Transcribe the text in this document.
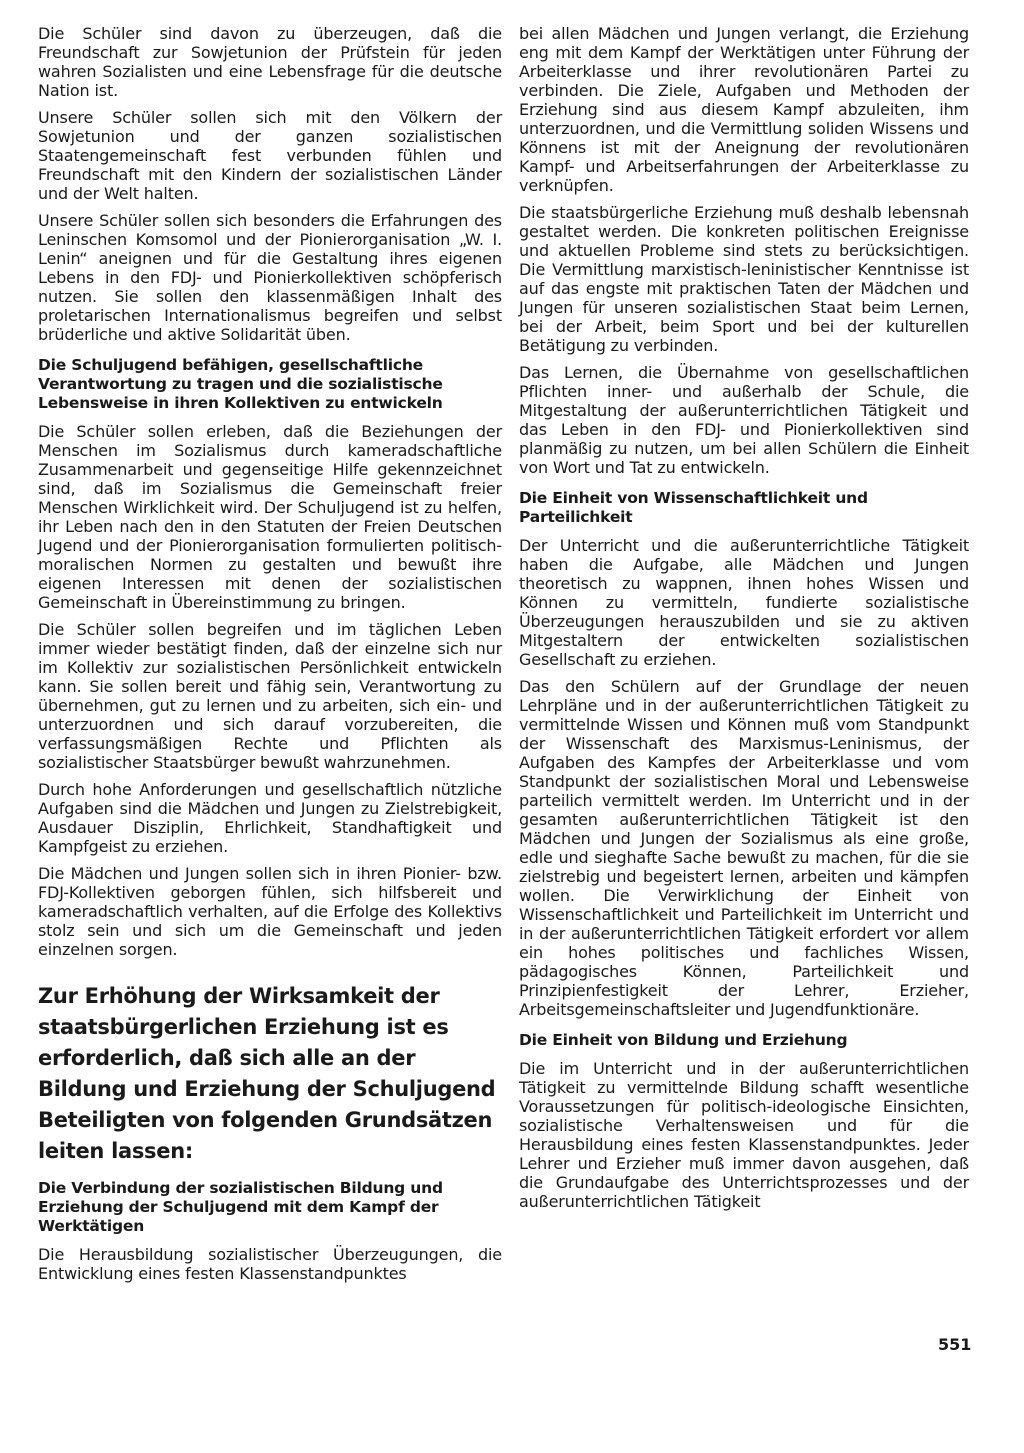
Die Schüler sind davon zu überzeugen, daß die Freundschaft zur Sowjetunion der Prüfstein für jeden wahren Sozialisten und eine Lebensfrage für die deutsche Nation ist.

Unsere Schüler sollen sich mit den Völkern der Sowjetunion und der ganzen sozialistischen Staatengemeinschaft fest verbunden fühlen und Freundschaft mit den Kindern der sozialistischen Länder und der Welt halten.

Unsere Schüler sollen sich besonders die Erfahrungen des Leninschen Komsomol und der Pionierorganisation „W. I. Lenin“ aneignen und für die Gestaltung ihres eigenen Lebens in den FDJ- und Pionierkollektiven schöpferisch nutzen. Sie sollen den klassenmäßigen Inhalt des proletarischen Internationalismus begreifen und selbst brüderliche und aktive Solidarität üben.

Die Schuljugend befähigen, gesellschaftliche Verantwortung zu tragen und die sozialistische Lebensweise in ihren Kollektiven zu entwickeln

Die Schüler sollen erleben, daß die Beziehungen der Menschen im Sozialismus durch kameradschaftliche Zusammenarbeit und gegenseitige Hilfe gekennzeichnet sind, daß im Sozialismus die Gemeinschaft freier Menschen Wirklichkeit wird. Der Schuljugend ist zu helfen, ihr Leben nach den in den Statuten der Freien Deutschen Jugend und der Pionierorganisation formulierten politisch-moralischen Normen zu gestalten und bewußt ihre eigenen Interessen mit denen der sozialistischen Gemeinschaft in Übereinstimmung zu bringen.

Die Schüler sollen begreifen und im täglichen Leben immer wieder bestätigt finden, daß der einzelne sich nur im Kollektiv zur sozialistischen Persönlichkeit entwickeln kann. Sie sollen bereit und fähig sein, Verantwortung zu übernehmen, gut zu lernen und zu arbeiten, sich ein- und unterzuordnen und sich darauf vorzubereiten, die verfassungsmäßigen Rechte und Pflichten als sozialistischer Staatsbürger bewußt wahrzunehmen.

Durch hohe Anforderungen und gesellschaftlich nützliche Aufgaben sind die Mädchen und Jungen zu Zielstrebigkeit, Ausdauer Disziplin, Ehrlichkeit, Standhaftigkeit und Kampfgeist zu erziehen.

Die Mädchen und Jungen sollen sich in ihren Pionier- bzw. FDJ-Kollektiven geborgen fühlen, sich hilfsbereit und kameradschaftlich verhalten, auf die Erfolge des Kollektivs stolz sein und sich um die Gemeinschaft und jeden einzelnen sorgen.

Zur Erhöhung der Wirksamkeit der staatsbürgerlichen Erziehung ist es erforderlich, daß sich alle an der Bildung und Erziehung der Schuljugend Beteiligten von folgenden Grundsätzen leiten lassen:
Die Verbindung der sozialistischen Bildung und Erziehung der Schuljugend mit dem Kampf der Werktätigen

Die Herausbildung sozialistischer Überzeugungen, die Entwicklung eines festen Klassenstandpunktes

bei allen Mädchen und Jungen verlangt, die Erziehung eng mit dem Kampf der Werktätigen unter Führung der Arbeiterklasse und ihrer revolutionären Partei zu verbinden. Die Ziele, Aufgaben und Methoden der Erziehung sind aus diesem Kampf abzuleiten, ihm unterzuordnen, und die Vermittlung soliden Wissens und Könnens ist mit der Aneignung der revolutionären Kampf- und Arbeitserfahrungen der Arbeiterklasse zu verknüpfen.

Die staatsbürgerliche Erziehung muß deshalb lebensnah gestaltet werden. Die konkreten politischen Ereignisse und aktuellen Probleme sind stets zu berücksichtigen. Die Vermittlung marxistisch-leninistischer Kenntnisse ist auf das engste mit praktischen Taten der Mädchen und Jungen für unseren sozialistischen Staat beim Lernen, bei der Arbeit, beim Sport und bei der kulturellen Betätigung zu verbinden.

Das Lernen, die Übernahme von gesellschaftlichen Pflichten inner- und außerhalb der Schule, die Mitgestaltung der außerunterrichtlichen Tätigkeit und das Leben in den FDJ- und Pionierkollektiven sind planmäßig zu nutzen, um bei allen Schülern die Einheit von Wort und Tat zu entwickeln.

Die Einheit von Wissenschaftlichkeit und Parteilichkeit

Der Unterricht und die außerunterrichtliche Tätigkeit haben die Aufgabe, alle Mädchen und Jungen theoretisch zu wappnen, ihnen hohes Wissen und Können zu vermitteln, fundierte sozialistische Überzeugungen herauszubilden und sie zu aktiven Mitgestaltern der entwickelten sozialistischen Gesellschaft zu erziehen.

Das den Schülern auf der Grundlage der neuen Lehrpläne und in der außerunterrichtlichen Tätigkeit zu vermittelnde Wissen und Können muß vom Standpunkt der Wissenschaft des Marxismus-Leninismus, der Aufgaben des Kampfes der Arbeiterklasse und vom Standpunkt der sozialistischen Moral und Lebensweise parteilich vermittelt werden. Im Unterricht und in der gesamten außerunterrichtlichen Tätigkeit ist den Mädchen und Jungen der Sozialismus als eine große, edle und sieghafte Sache bewußt zu machen, für die sie zielstrebig und begeistert lernen, arbeiten und kämpfen wollen. Die Verwirklichung der Einheit von Wissenschaftlichkeit und Parteilichkeit im Unterricht und in der außerunterrichtlichen Tätigkeit erfordert vor allem ein hohes politisches und fachliches Wissen, pädagogisches Können, Parteilichkeit und Prinzipienfestigkeit der Lehrer, Erzieher, Arbeitsgemeinschaftsleiter und Jugendfunktionäre.

Die Einheit von Bildung und Erziehung

Die im Unterricht und in der außerunterrichtlichen Tätigkeit zu vermittelnde Bildung schafft wesentliche Voraussetzungen für politisch-ideologische Einsichten, sozialistische Verhaltensweisen und für die Herausbildung eines festen Klassenstandpunktes. Jeder Lehrer und Erzieher muß immer davon ausgehen, daß die Grundaufgabe des Unterrichtsprozesses und der außerunterrichtlichen Tätigkeit

551
